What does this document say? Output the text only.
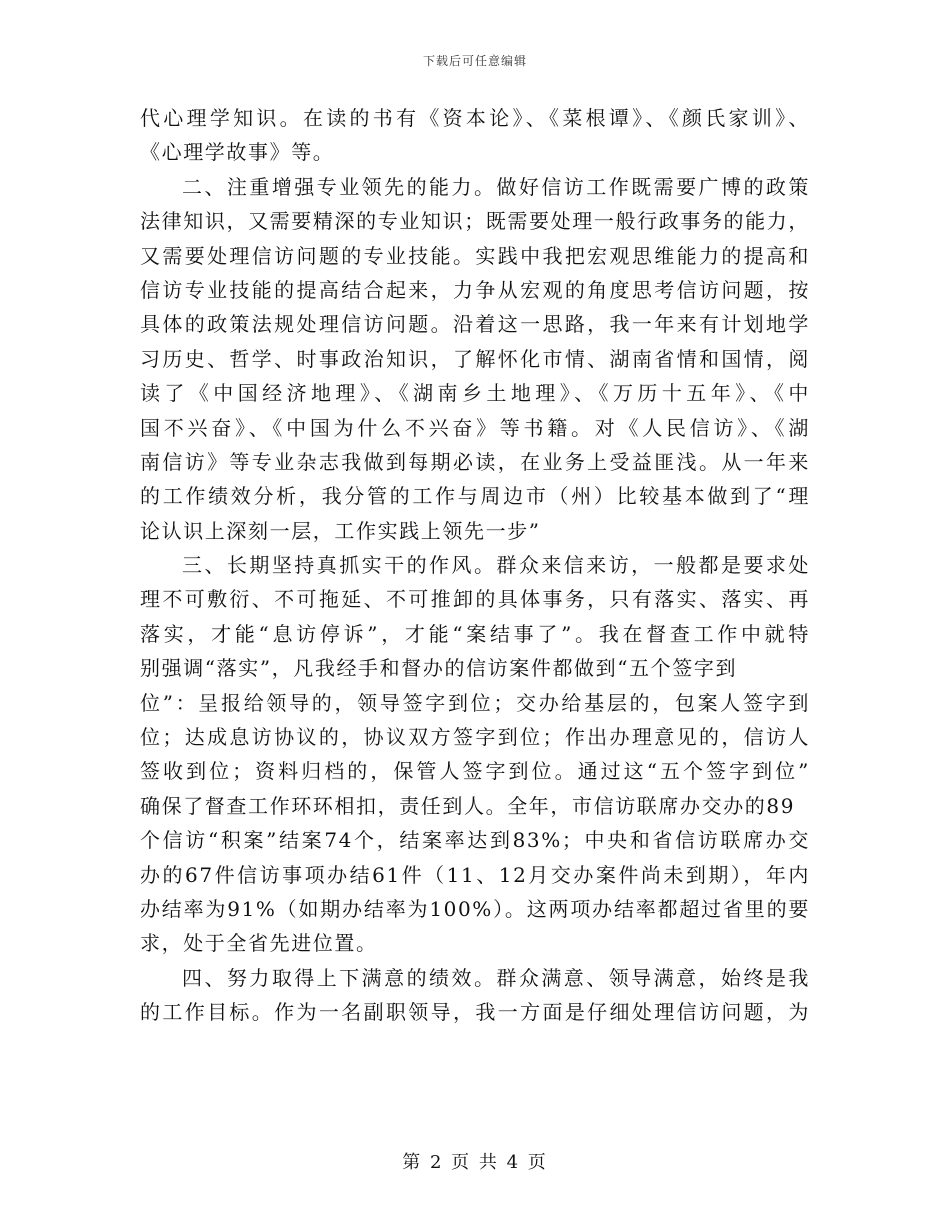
下载后可任意编辑
代心理学知识。在读的书有《资本论》、《菜根谭》、《颜氏家训》、
《心理学故事》等。
二、注重增强专业领先的能力。做好信访工作既需要广博的政策
法律知识，又需要精深的专业知识；既需要处理一般行政事务的能力，
又需要处理信访问题的专业技能。实践中我把宏观思维能力的提高和
信访专业技能的提高结合起来，力争从宏观的角度思考信访问题，按
具体的政策法规处理信访问题。沿着这一思路，我一年来有计划地学
习历史、哲学、时事政治知识，了解怀化市情、湖南省情和国情，阅
读了《中国经济地理》、《湖南乡土地理》、《万历十五年》、《中
国不兴奋》、《中国为什么不兴奋》等书籍。对《人民信访》、《湖
南信访》等专业杂志我做到每期必读，在业务上受益匪浅。从一年来
的工作绩效分析，我分管的工作与周边市（州）比较基本做到了“理
论认识上深刻一层，工作实践上领先一步”
三、长期坚持真抓实干的作风。群众来信来访，一般都是要求处
理不可敷衍、不可拖延、不可推卸的具体事务，只有落实、落实、再
落实，才能“息访停诉”，才能“案结事了”。我在督查工作中就特
别强调“落实”，凡我经手和督办的信访案件都做到“五个签字到
位”：呈报给领导的，领导签字到位；交办给基层的，包案人签字到
位；达成息访协议的，协议双方签字到位；作出办理意见的，信访人
签收到位；资料归档的，保管人签字到位。通过这“五个签字到位”
确保了督查工作环环相扣，责任到人。全年，市信访联席办交办的89
个信访“积案”结案74个，结案率达到83%；中央和省信访联席办交
办的67件信访事项办结61件（11、12月交办案件尚未到期），年内
办结率为91%（如期办结率为100%）。这两项办结率都超过省里的要
求，处于全省先进位置。
四、努力取得上下满意的绩效。群众满意、领导满意，始终是我
的工作目标。作为一名副职领导，我一方面是仔细处理信访问题，为
第 2 页 共 4 页
